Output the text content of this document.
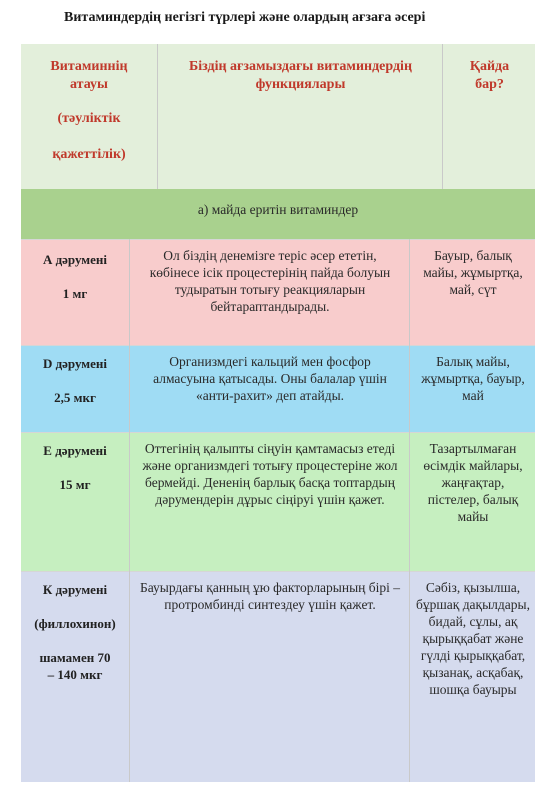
Витаминдердің негізгі түрлері және олардың ағзаға әсері
Витаминнің
атауы
(тәуліктік
қажеттілік)
Біздің ағзамыздағы витаминдердің
функциялары
Қайда
бар?
а) майда еритін витаминдер
А дәрумені
1 мг
Ол біздің денемізге теріс әсер ететін, көбінесе ісік процестерінің пайда болуын тудыратын тотығу реакцияларын бейтараптандырады.
Бауыр, балық майы, жұмыртқа, май, сүт
D дәрумені
2,5 мкг
Организмдегі кальций мен фосфор алмасуына қатысады. Оны балалар үшін «анти-рахит» деп атайды.
Балық майы, жұмыртқа, бауыр, май
Е дәрумені
15 мг
Оттегінің қалыпты сіңуін қамтамасыз етеді және организмдегі тотығу процестеріне жол бермейді. Дененің барлық басқа топтардың дәрумендерін дұрыс сіңіруі үшін қажет.
Тазартылмаған өсімдік майлары, жаңғақтар, пістелер, балық майы
К дәрумені
(филлохинон)
шамамен 70 – 140 мкг
Бауырдағы қанның ұю факторларының бірі – протромбинді синтездеу үшін қажет.
Сәбіз, қызылша, бұршақ дақылдары, бидай, сұлы, ақ қырыққабат және гүлді қырыққабат, қызанақ, асқабақ, шошқа бауыры
